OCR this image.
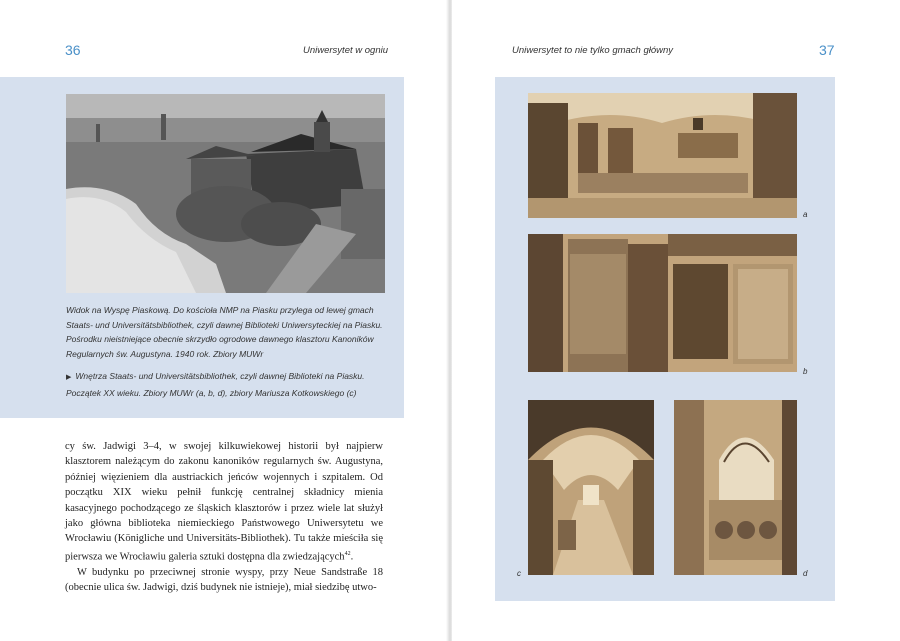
36	Uniwersytet w ogniu
Widok na Wyspę Piaskową. Do kościoła NMP na Piasku przylega od lewej gmach Staats- und Universitätsbibliothek, czyli dawnej Biblioteki Uniwersyteckiej na Piasku. Pośrodku nieistniejące obecnie skrzydło ogrodowe dawnego klasztoru Kanoników Regularnych św. Augustyna. 1940 rok. Zbiory MUWr
▶ Wnętrza Staats- und Universitätsbibliothek, czyli dawnej Biblioteki na Piasku. Początek XX wieku. Zbiory MUWr (a, b, d), zbiory Mariusza Kotkowskiego (c)

cy św. Jadwigi 3–4, w swojej kilkuwiekowej historii był najpierw klasztorem należącym do zakonu kanoników regularnych św. Augustyna, później więzieniem dla austriackich jeńców wojennych i szpitalem. Od początku XIX wieku pełnił funkcję centralnej składnicy mienia kasacyjnego pochodzącego ze śląskich klasztorów i przez wiele lat służył jako główna biblioteka niemieckiego Państwowego Uniwersytetu we Wrocławiu (Königliche und Universitäts-Bibliothek). Tu także mieściła się pierwsza we Wrocławiu galeria sztuki dostępna dla zwiedzających$^{42}$.

W budynku po przeciwnej stronie wyspy, przy Neue Sandstraße 18 (obecnie ulica św. Jadwigi, dziś budynek nie istnieje), miał siedzibę utwo-

Uniwersytet to nie tylko gmach główny	37
a
b
c	d
